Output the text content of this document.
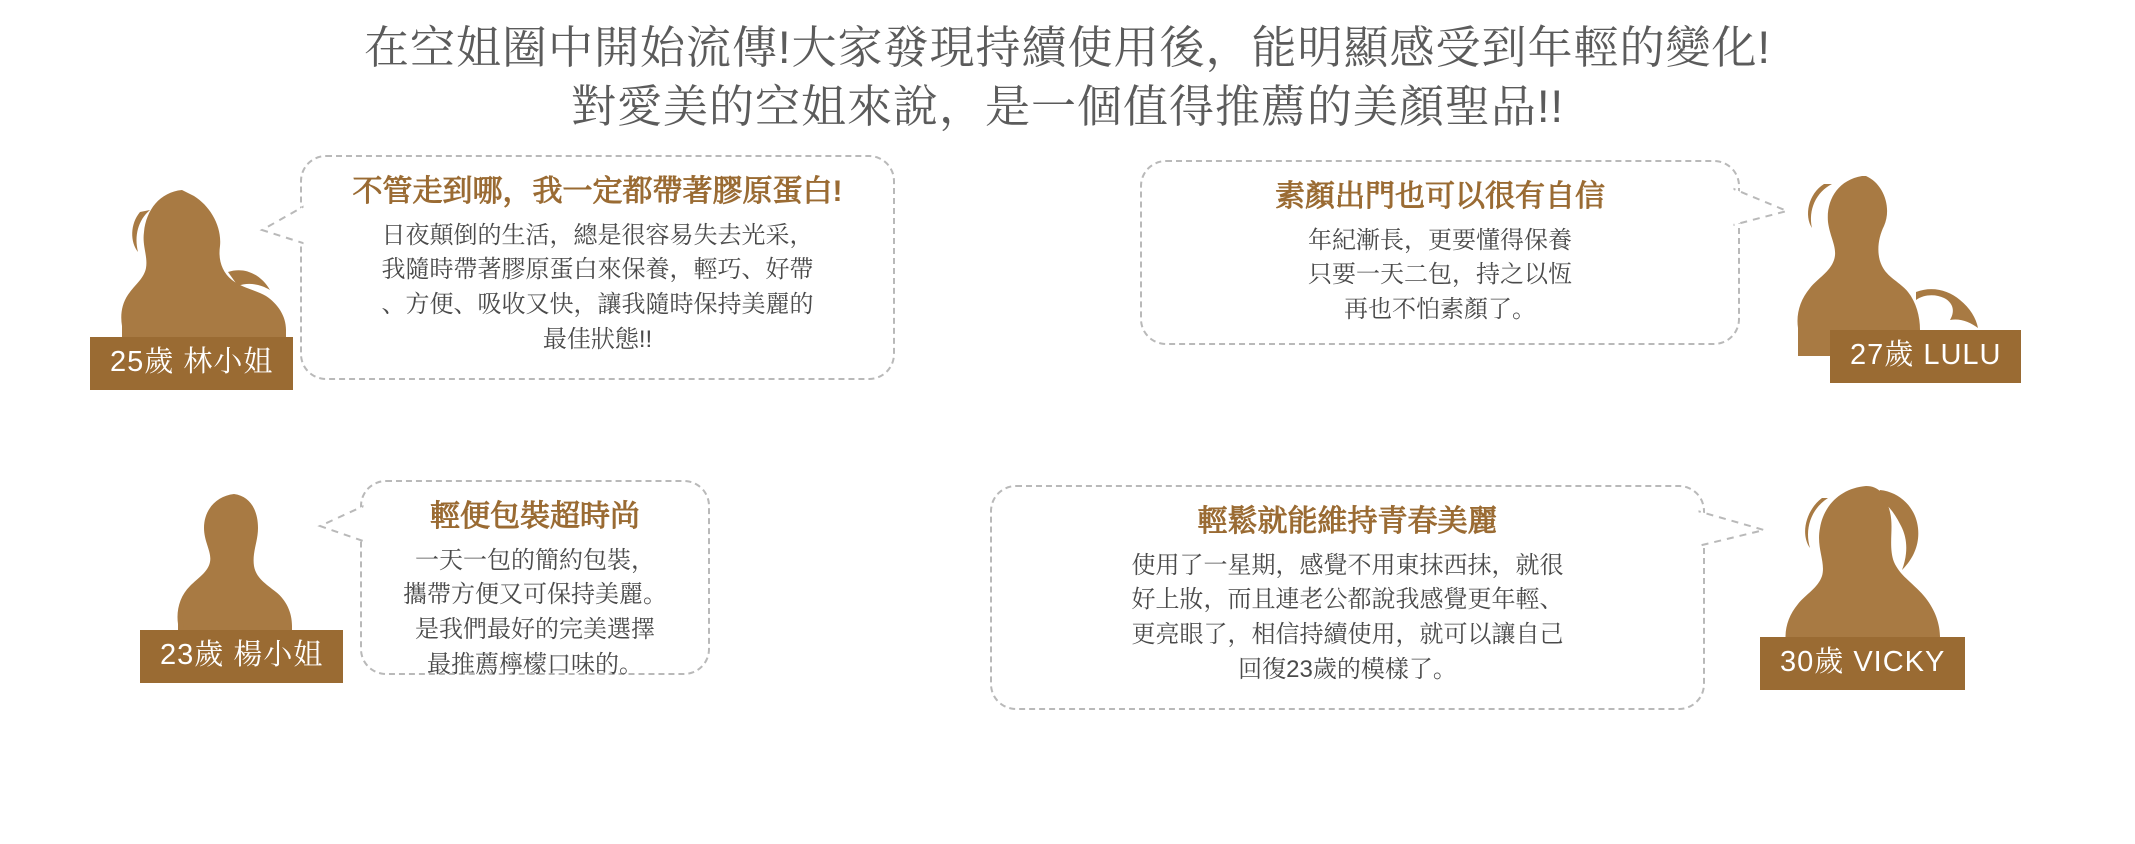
在空姐圈中開始流傳!大家發現持續使用後，能明顯感受到年輕的變化!
對愛美的空姐來說，是一個值得推薦的美顏聖品!!
25歲 林小姐
不管走到哪，我一定都帶著膠原蛋白!
日夜顛倒的生活，總是很容易失去光采，
我隨時帶著膠原蛋白來保養，輕巧、好帶
、方便、吸收又快，讓我隨時保持美麗的
最佳狀態!!	27歲 LULU
素顏出門也可以很有自信
年紀漸長，更要懂得保養
只要一天二包，持之以恆
再也不怕素顏了。
23歲 楊小姐
輕便包裝超時尚
一天一包的簡約包裝，
攜帶方便又可保持美麗。
是我們最好的完美選擇
最推薦檸檬口味的。	30歲 VICKY
輕鬆就能維持青春美麗
使用了一星期，感覺不用東抹西抹，就很
好上妝，而且連老公都說我感覺更年輕、
更亮眼了，相信持續使用，就可以讓自己
回復23歲的模樣了。
